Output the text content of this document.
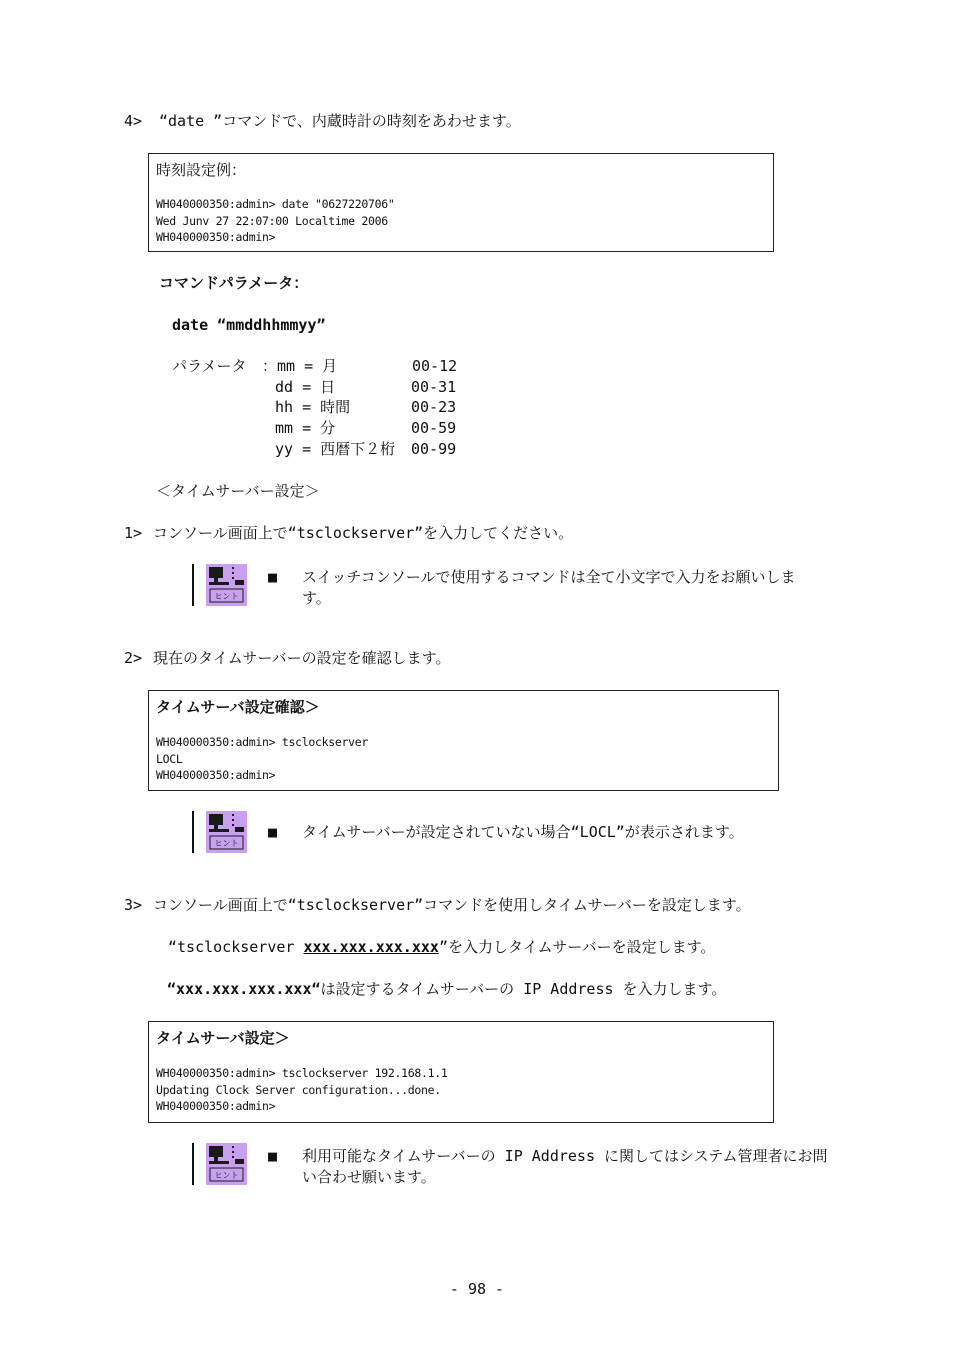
4> “date ”コマンドで、内蔵時計の時刻をあわせます。
時刻設定例：
WH040000350:admin> date "0627220706"
Wed Junv 27 22:07:00 Localtime 2006
WH040000350:admin>
コマンドパラメータ：
date “mmddhhmmyy”
パラメータ ：mm = 月	00-12
dd = 日	00-31
hh = 時間	00-23
mm = 分	00-59
yy = 西暦下２桁 00-99
＜タイムサーバー設定＞
1> コンソール画面上で“tsclockserver”を入力してください。
ヒント
■ スイッチコンソールで使用するコマンドは全て小文字で入力をお願いしま
す。
2> 現在のタイムサーバーの設定を確認します。
タイムサーバ設定確認＞
WH040000350:admin> tsclockserver
LOCL
WH040000350:admin>
ヒント
■ タイムサーバーが設定されていない場合“LOCL”が表示されます。
3> コンソール画面上で“tsclockserver”コマンドを使用しタイムサーバーを設定します。
“tsclockserver xxx.xxx.xxx.xxx”を入力しタイムサーバーを設定します。
“xxx.xxx.xxx.xxx“は設定するタイムサーバーの IP Address を入力します。
タイムサーバ設定＞
WH040000350:admin> tsclockserver 192.168.1.1
Updating Clock Server configuration...done.
WH040000350:admin>
ヒント
■ 利用可能なタイムサーバーの IP Address に関してはシステム管理者にお問
い合わせ願います。
- 98 -
